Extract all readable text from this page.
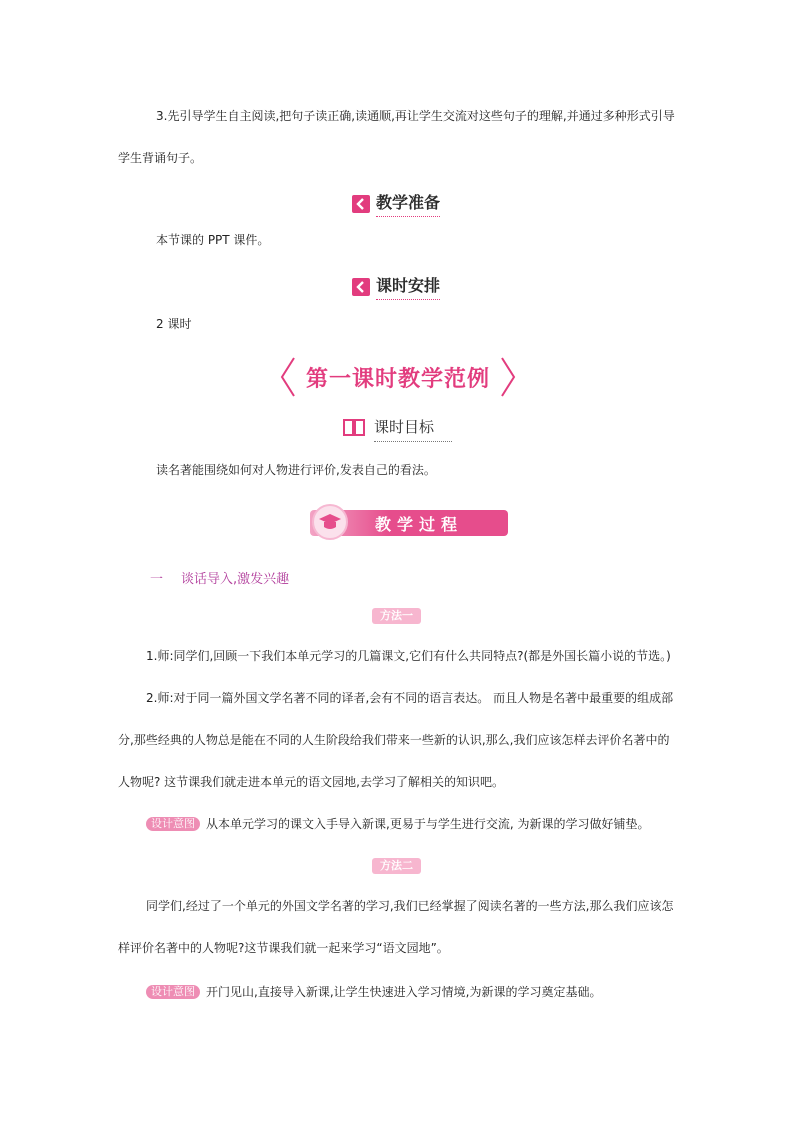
3.先引导学生自主阅读,把句子读正确,读通顺,再让学生交流对这些句子的理解,并通过多种形式引导
学生背诵句子。
教学准备
本节课的 PPT 课件。
课时安排
2 课时
第一课时教学范例
课时目标
读名著能围绕如何对人物进行评价,发表自己的看法。
教学过程
一 谈话导入,激发兴趣
方法一
1.师:同学们,回顾一下我们本单元学习的几篇课文,它们有什么共同特点?(都是外国长篇小说的节选。)
2.师:对于同一篇外国文学名著不同的译者,会有不同的语言表达。 而且人物是名著中最重要的组成部
分,那些经典的人物总是能在不同的人生阶段给我们带来一些新的认识,那么,我们应该怎样去评价名著中的
人物呢? 这节课我们就走进本单元的语文园地,去学习了解相关的知识吧。
设计意图 从本单元学习的课文入手导入新课,更易于与学生进行交流, 为新课的学习做好铺垫。
方法二
同学们,经过了一个单元的外国文学名著的学习,我们已经掌握了阅读名著的一些方法,那么我们应该怎
样评价名著中的人物呢?这节课我们就一起来学习“语文园地”。
设计意图 开门见山,直接导入新课,让学生快速进入学习情境,为新课的学习奠定基础。
